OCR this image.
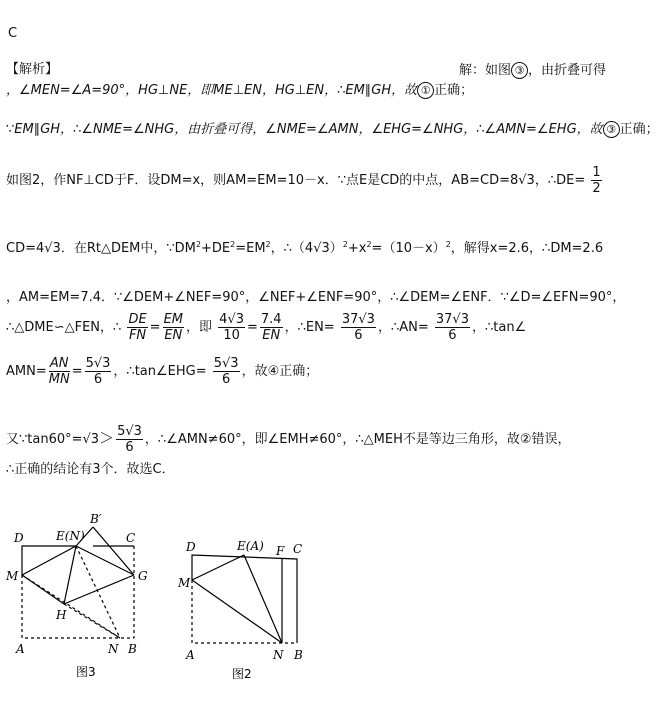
C
【解析】	解：如图 ③ ，由折叠可得
，∠MEN=∠A=90°，HG⊥NE，即ME⊥EN，HG⊥EN，∴EM∥GH，故 ① 正确；
∵EM∥GH，∴∠NME=∠NHG，由折叠可得，∠NME=∠AMN，∠EHG=∠NHG，∴∠AMN=∠EHG，故 ③ 正确；
如图2，作NF⊥CD于F．设DM=x，则AM=EM=10－x．∵点E是CD的中点，AB=CD=8√3，∴DE= $\frac{1}{2}$
CD=4√3．在Rt△DEM中，$\because DM^2+DE^2=EM^2$，$\therefore(4√3)^2+x^2=(10-x)^2$，解得x=2.6，∴DM=2.6
，AM=EM=7.4．∵∠DEM+∠NEF=90°，∠NEF+∠ENF=90°，∴∠DEM=∠ENF．∵∠D=∠EFN=90°，
∴△DME∽△FEN，∴ $\frac{DE}{FN} = \frac{EM}{EN}$ ，即 $\frac{4√3}{10} = \frac{7.4}{EN}$ ，∴EN= $\frac{37√3}{6}$ ，∴AN= $\frac{37√3}{6}$ ，∴tan∠
$AMN= \frac{AN}{MN} = \frac{5√3}{6}$ ，∴tan∠EHG= $\frac{5√3}{6}$ ，故④正确；
又∵tan60°=√3＞ $\frac{5√3}{6}$ ，∴∠AMN≠60°，即∠EMH≠60°，∴△MEH不是等边三角形，故②错误，
∴正确的结论有3个．故选C．
D	E(N)
B′
C
M	G
H
A	N B
图3
D	E(A) F C
M
A	N B
图2
